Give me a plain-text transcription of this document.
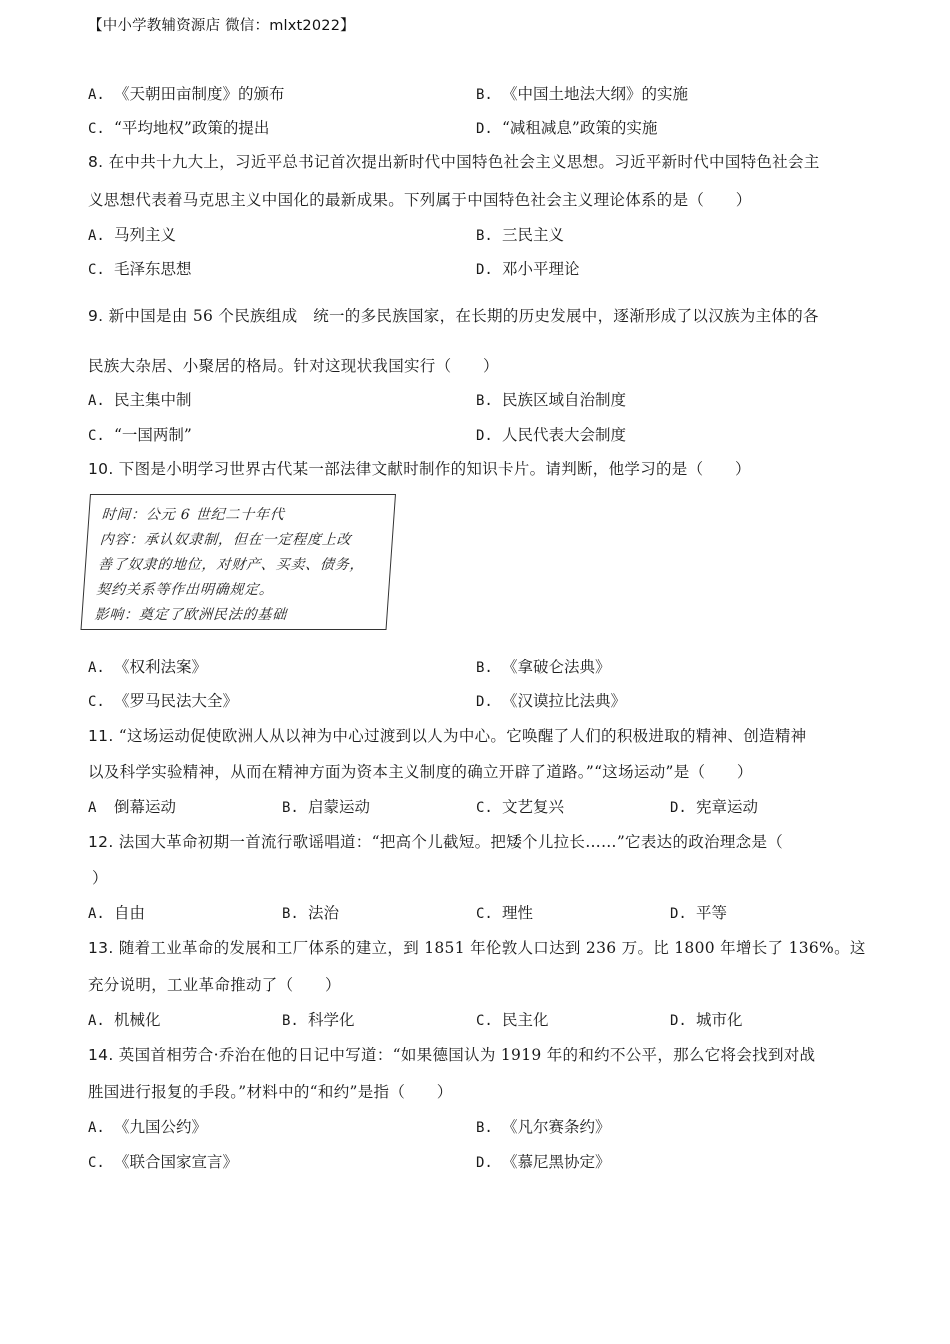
【中小学教辅资源店 微信：mlxt2022】
A. 《天朝田亩制度》的颁布	B. 《中国土地法大纲》的实施
C. “平均地权”政策的提出	D. “减租减息”政策的实施
8. 在中共十九大上，习近平总书记首次提出新时代中国特色社会主义思想。习近平新时代中国特色社会主
义思想代表着马克思主义中国化的最新成果。下列属于中国特色社会主义理论体系的是（　　）
A. 马列主义	B. 三民主义
C. 毛泽东思想	D. 邓小平理论
9. 新中国是由 56 个民族组成　统一的多民族国家，在长期的历史发展中，逐渐形成了以汉族为主体的各
民族大杂居、小聚居的格局。针对这现状我国实行（　　）
A. 民主集中制	B. 民族区域自治制度
C. “一国两制”	D. 人民代表大会制度
10. 下图是小明学习世界古代某一部法律文献时制作的知识卡片。请判断，他学习的是（　　）
时间：公元 6 世纪二十年代
内容：承认奴隶制，但在一定程度上改
善了奴隶的地位，对财产、买卖、债务，
契约关系等作出明确规定。
影响：奠定了欧洲民法的基础
A. 《权利法案》	B. 《拿破仑法典》
C. 《罗马民法大全》	D. 《汉谟拉比法典》
11. “这场运动促使欧洲人从以神为中心过渡到以人为中心。它唤醒了人们的积极进取的精神、创造精神
以及科学实验精神，从而在精神方面为资本主义制度的确立开辟了道路。”“这场运动”是（　　）
A 倒幕运动	B. 启蒙运动	C. 文艺复兴	D. 宪章运动
12. 法国大革命初期一首流行歌谣唱道：“把高个儿截短。把矮个儿拉长……”它表达的政治理念是（
）
A. 自由	B. 法治	C. 理性	D. 平等
13. 随着工业革命的发展和工厂体系的建立，到 1851 年伦敦人口达到 236 万。比 1800 年增长了 136%。这
充分说明，工业革命推动了（　　）
A. 机械化	B. 科学化	C. 民主化	D. 城市化
14. 英国首相劳合·乔治在他的日记中写道：“如果德国认为 1919 年的和约不公平，那么它将会找到对战
胜国进行报复的手段。”材料中的“和约”是指（　　）
A. 《九国公约》	B. 《凡尔赛条约》
C. 《联合国家宣言》	D. 《慕尼黑协定》
